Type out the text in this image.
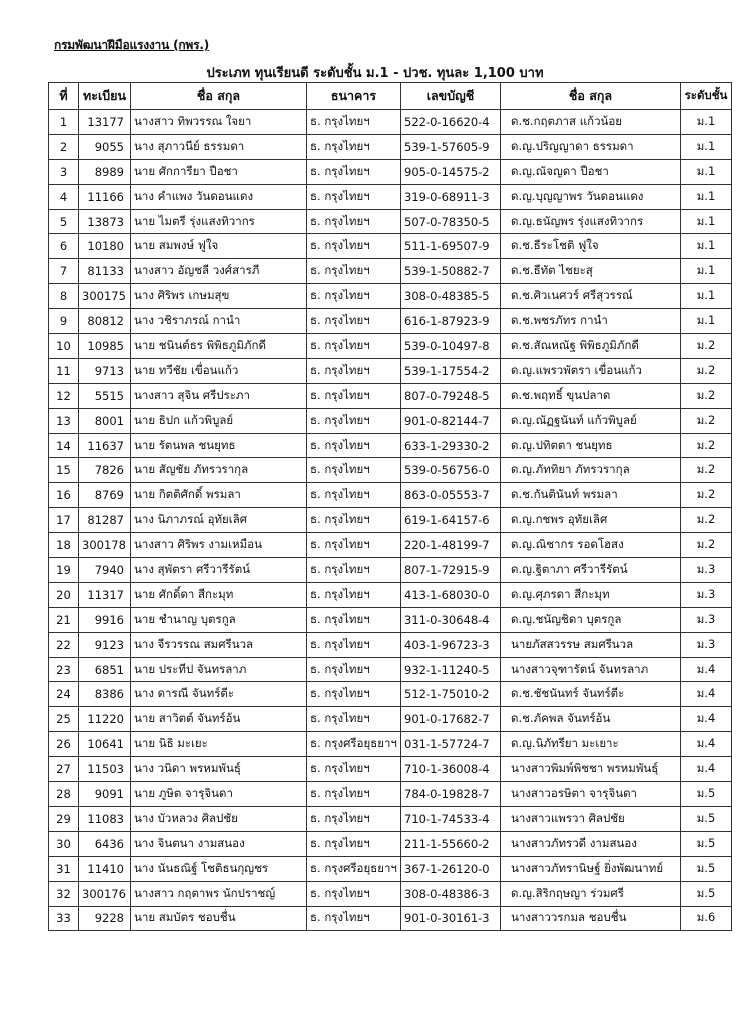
กรมพัฒนาฝีมือแรงงาน (กพร.)
ประเภท ทุนเรียนดี ระดับชั้น ม.1 - ปวช. ทุนละ 1,100 บาท
ที่	ทะเบียน	ชื่อ สกุล	ธนาคาร	เลขบัญชี	ชื่อ สกุล	ระดับชั้น
1	13177	นางสาว ทิพวรรณ ใจยา	ธ. กรุงไทยฯ	522-0-16620-4	ด.ช.กฤตภาส แก้วน้อย	ม.1
2	9055	นาง สุภาวนีย์ ธรรมดา	ธ. กรุงไทยฯ	539-1-57605-9	ด.ญ.ปริญญาดา ธรรมดา	ม.1
3	8989	นาย ศักการียา ปือชา	ธ. กรุงไทยฯ	905-0-14575-2	ด.ญ.ณัจญดา ปือชา	ม.1
4	11166	นาง คำแพง วันดอนแดง	ธ. กรุงไทยฯ	319-0-68911-3	ด.ญ.บุญญาพร วันดอนแดง	ม.1
5	13873	นาย ไมตรี รุ่งแสงทิวากร	ธ. กรุงไทยฯ	507-0-78350-5	ด.ญ.ธนัญพร รุ่งแสงทิวากร	ม.1
6	10180	นาย สมพงษ์ ฟูใจ	ธ. กรุงไทยฯ	511-1-69507-9	ด.ช.ธีระโชติ ฟูใจ	ม.1
7	81133	นางสาว อัญชลี วงศ์สารภี	ธ. กรุงไทยฯ	539-1-50882-7	ด.ช.ธีทัต ไชยะสุ	ม.1
8	300175	นาง ศิริพร เกษมสุข	ธ. กรุงไทยฯ	308-0-48385-5	ด.ช.ศิวเนศวร์ ศรีสุวรรณ์	ม.1
9	80812	นาง วชิราภรณ์ กานำ	ธ. กรุงไทยฯ	616-1-87923-9	ด.ช.พชรภัทร กานำ	ม.1
10	10985	นาย ชนินต์ธร พิพิธภูมิภักดี	ธ. กรุงไทยฯ	539-0-10497-8	ด.ช.สัณหณัฐ พิพิธภูมิภักดี	ม.2
11	9713	นาย ทวีชัย เขื่อนแก้ว	ธ. กรุงไทยฯ	539-1-17554-2	ด.ญ.แพรวพัตรา เขื่อนแก้ว	ม.2
12	5515	นางสาว สุจิน ศรีประภา	ธ. กรุงไทยฯ	807-0-79248-5	ด.ช.พฤทธิ์ ขุนปลาด	ม.2
13	8001	นาย ธิปก แก้วพิบูลย์	ธ. กรุงไทยฯ	901-0-82144-7	ด.ญ.ณัฏฐนันท์ แก้วพิบูลย์	ม.2
14	11637	นาย รัตนพล ชนยุทธ	ธ. กรุงไทยฯ	633-1-29330-2	ด.ญ.ปทิตตา ชนยุทธ	ม.2
15	7826	นาย สัญชัย ภัทรวรากุล	ธ. กรุงไทยฯ	539-0-56756-0	ด.ญ.ภัททิยา ภัทรวรากุล	ม.2
16	8769	นาย กิตติศักดิ์ พรมลา	ธ. กรุงไทยฯ	863-0-05553-7	ด.ช.กันตินันท์ พรมลา	ม.2
17	81287	นาง นิภาภรณ์ อุทัยเลิศ	ธ. กรุงไทยฯ	619-1-64157-6	ด.ญ.กชพร อุทัยเลิศ	ม.2
18	300178	นางสาว ศิริพร งามเหมือน	ธ. กรุงไทยฯ	220-1-48199-7	ด.ญ.ณิชากร รอดโฮสง	ม.2
19	7940	นาง สุพัตรา ศรีวารีรัตน์	ธ. กรุงไทยฯ	807-1-72915-9	ด.ญ.ฐิตาภา ศรีวารีรัตน์	ม.3
20	11317	นาย ศักดิ์ดา สีกะมุท	ธ. กรุงไทยฯ	413-1-68030-0	ด.ญ.ศุภรดา สีกะมุท	ม.3
21	9916	นาย ชำนาญ บุตรกูล	ธ. กรุงไทยฯ	311-0-30648-4	ด.ญ.ชนัญชิดา บุตรกูล	ม.3
22	9123	นาง จีรวรรณ สมศรีนวล	ธ. กรุงไทยฯ	403-1-96723-3	นายภัสสวรรษ สมศรีนวล	ม.3
23	6851	นาย ประทีป จันทรลาภ	ธ. กรุงไทยฯ	932-1-11240-5	นางสาวจุฑารัตน์ จันทรลาภ	ม.4
24	8386	นาง ดารณี จันทร์ตีะ	ธ. กรุงไทยฯ	512-1-75010-2	ด.ช.ชัชนันทร์ จันทร์ตีะ	ม.4
25	11220	นาย สาวิตต์ จันทร์อ้น	ธ. กรุงไทยฯ	901-0-17682-7	ด.ช.ภัคพล จันทร์อ้น	ม.4
26	10641	นาย นิธิ มะเยะ	ธ. กรุงศรีอยุธยาฯ	031-1-57724-7	ด.ญ.นิภัทรียา มะเยาะ	ม.4
27	11503	นาง วนิดา พรหมพันธุ์	ธ. กรุงไทยฯ	710-1-36008-4	นางสาวพิมพ์พิชชา พรหมพันธุ์	ม.4
28	9091	นาย ภูษิต จารุจินดา	ธ. กรุงไทยฯ	784-0-19828-7	นางสาวอรษิตา จารุจินดา	ม.5
29	11083	นาง บัวหลวง ศิลปชัย	ธ. กรุงไทยฯ	710-1-74533-4	นางสาวแพรวา ศิลปชัย	ม.5
30	6436	นาง จินตนา งามสนอง	ธ. กรุงไทยฯ	211-1-55660-2	นางสาวภัทรวดี งามสนอง	ม.5
31	11410	นาง นันธณิฐ์ โชติธนกุญชร	ธ. กรุงศรีอยุธยาฯ	367-1-26120-0	นางสาวภัทรานิษฐ์ ยิ่งพัฒนาทย์	ม.5
32	300176	นางสาว กฤตาพร นักปราชญ์	ธ. กรุงไทยฯ	308-0-48386-3	ด.ญ.สิริกฤษญา ร่วมศรี	ม.5
33	9228	นาย สมบัตร ชอบชื่น	ธ. กรุงไทยฯ	901-0-30161-3	นางสาววรกมล ชอบชื่น	ม.6
